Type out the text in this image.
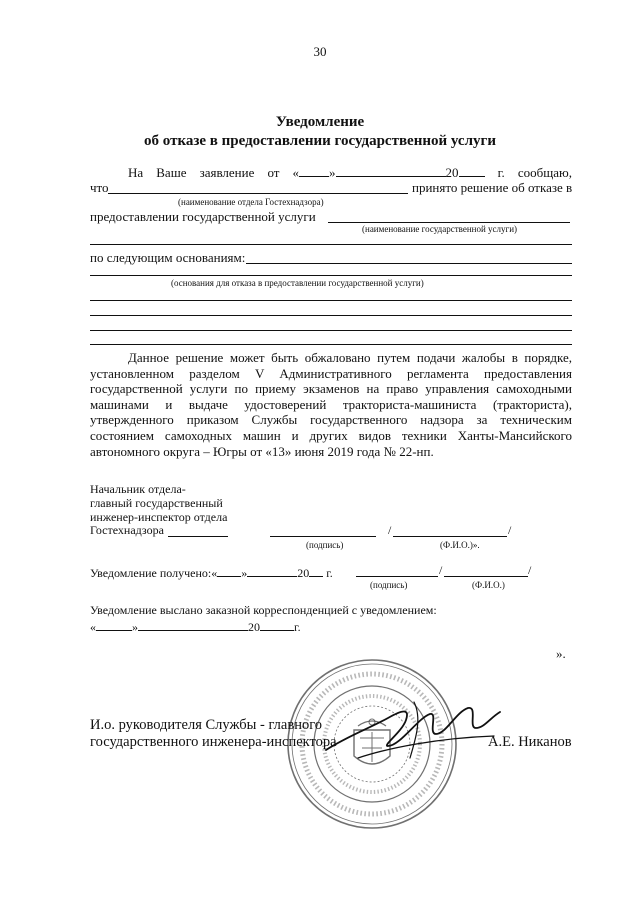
30
Уведомление
об отказе в предоставлении государственной услуги
На Ваше заявление от « »	20	г. сообщаю,
что	принято решение об отказе в
(наименование отдела Гостехнадзора)
предоставлении государственной услуги
(наименование государственной услуги)
по следующим основаниям:
(основания для отказа в предоставлении государственной услуги)
Данное решение может быть обжаловано путем подачи жалобы в порядке, установленном разделом V Административного регламента предоставления государственной услуги по приему экзаменов на право управления самоходными машинами и выдаче удостоверений тракториста-машиниста (тракториста), утвержденного приказом Службы государственного надзора за техническим состоянием самоходных машин и других видов техники Ханты-Мансийского автономного округа – Югры от «13» июня 2019 года № 22-нп.
Начальник отдела-
главный государственный
инженер-инспектор отдела
Гостехнадзора	/	/
(подпись)	(Ф.И.О.)».
Уведомление получено:« »	20 г.	/	/
(подпись)	(Ф.И.О.)
Уведомление выслано заказной корреспонденцией с уведомлением:
«	»	20	г.
».
И.о. руководителя Службы - главного
государственного инженера-инспектора	А.Е. Никанов
